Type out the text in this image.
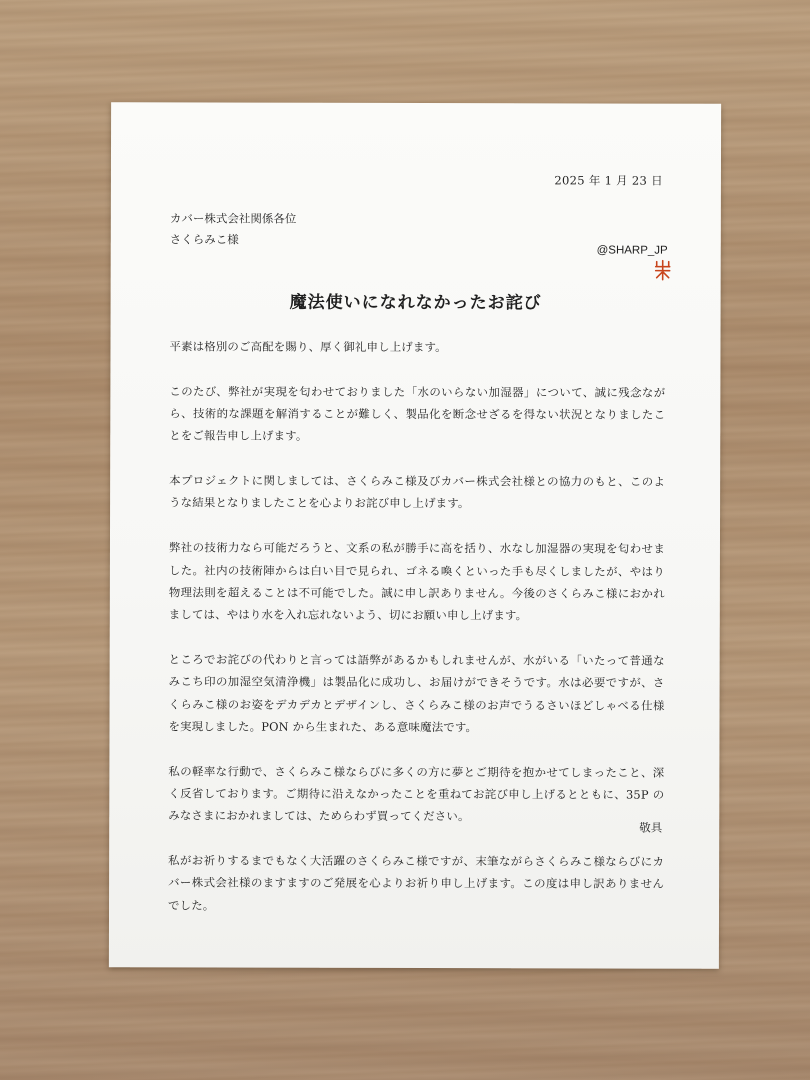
2025 年 1 月 23 日
カバー株式会社関係各位
さくらみこ様
@SHARP_JP
魔法使いになれなかったお詫び

平素は格別のご高配を賜り、厚く御礼申し上げます。

このたび、弊社が実現を匂わせておりました「水のいらない加湿器」について、誠に残念ながら、技術的な課題を解消することが難しく、製品化を断念せざるを得ない状況となりましたことをご報告申し上げます。

本プロジェクトに関しましては、さくらみこ様及びカバー株式会社様との協力のもと、このような結果となりましたことを心よりお詫び申し上げます。

弊社の技術力なら可能だろうと、文系の私が勝手に高を括り、水なし加湿器の実現を匂わせました。社内の技術陣からは白い目で見られ、ゴネる喚くといった手も尽くしましたが、やはり物理法則を超えることは不可能でした。誠に申し訳ありません。今後のさくらみこ様におかれましては、やはり水を入れ忘れないよう、切にお願い申し上げます。

ところでお詫びの代わりと言っては語弊があるかもしれませんが、水がいる「いたって普通なみこち印の加湿空気清浄機」は製品化に成功し、お届けができそうです。水は必要ですが、さくらみこ様のお姿をデカデカとデザインし、さくらみこ様のお声でうるさいほどしゃべる仕様を実現しました。PON から生まれた、ある意味魔法です。

私の軽率な行動で、さくらみこ様ならびに多くの方に夢とご期待を抱かせてしまったこと、深く反省しております。ご期待に沿えなかったことを重ねてお詫び申し上げるとともに、35P のみなさまにおかれましては、ためらわず買ってください。

私がお祈りするまでもなく大活躍のさくらみこ様ですが、末筆ながらさくらみこ様ならびにカバー株式会社様のますますのご発展を心よりお祈り申し上げます。この度は申し訳ありませんでした。

敬具
